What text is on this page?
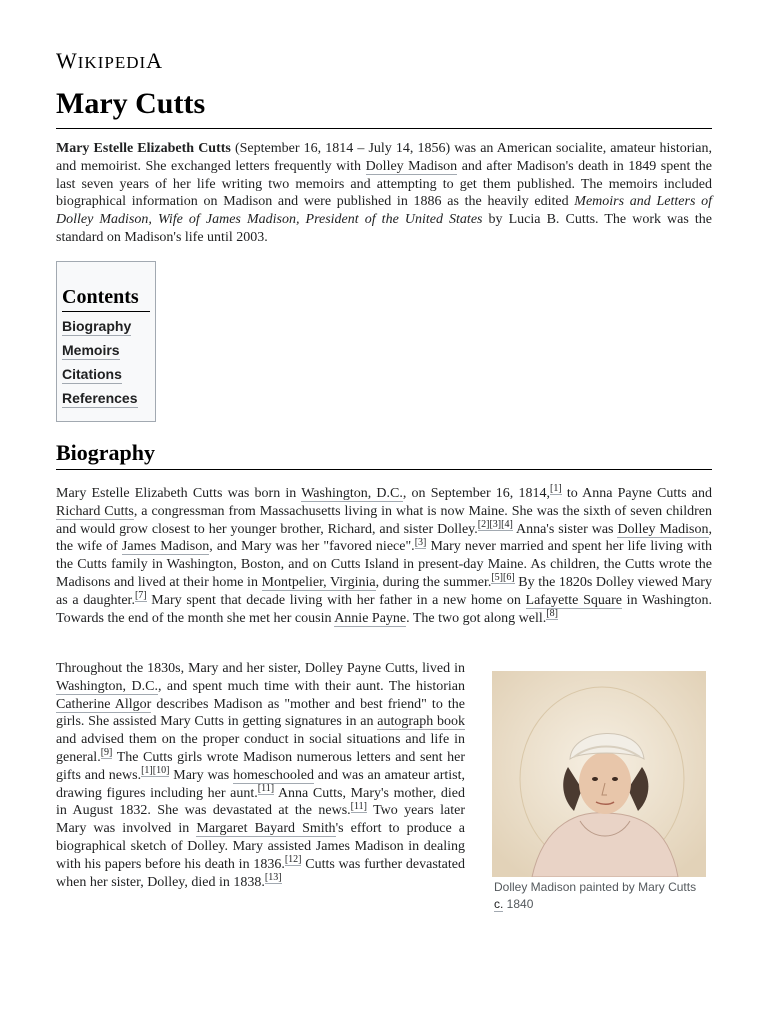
WIKIPEDIA
Mary Cutts

Mary Estelle Elizabeth Cutts (September 16, 1814 – July 14, 1856) was an American socialite, amateur historian, and memoirist. She exchanged letters frequently with Dolley Madison and after Madison's death in 1849 spent the last seven years of her life writing two memoirs and attempting to get them published. The memoirs included biographical information on Madison and were published in 1886 as the heavily edited Memoirs and Letters of Dolley Madison, Wife of James Madison, President of the United States by Lucia B. Cutts. The work was the standard on Madison's life until 2003.

Contents
Biography
Memoirs
Citations
References
Biography

Mary Estelle Elizabeth Cutts was born in Washington, D.C., on September 16, 1814,[1] to Anna Payne Cutts and Richard Cutts, a congressman from Massachusetts living in what is now Maine. She was the sixth of seven children and would grow closest to her younger brother, Richard, and sister Dolley.[2][3][4] Anna's sister was Dolley Madison, the wife of James Madison, and Mary was her "favored niece".[3] Mary never married and spent her life living with the Cutts family in Washington, Boston, and on Cutts Island in present-day Maine. As children, the Cutts wrote the Madisons and lived at their home in Montpelier, Virginia, during the summer.[5][6] By the 1820s Dolley viewed Mary as a daughter.[7] Mary spent that decade living with her father in a new home on Lafayette Square in Washington. Towards the end of the month she met her cousin Annie Payne. The two got along well.[8]

Throughout the 1830s, Mary and her sister, Dolley Payne Cutts, lived in Washington, D.C., and spent much time with their aunt. The historian Catherine Allgor describes Madison as "mother and best friend" to the girls. She assisted Mary Cutts in getting signatures in an autograph book and advised them on the proper conduct in social situations and life in general.[9] The Cutts girls wrote Madison numerous letters and sent her gifts and news.[1][10] Mary was homeschooled and was an amateur artist, drawing figures including her aunt.[11] Anna Cutts, Mary's mother, died in August 1832. She was devastated at the news.[11] Two years later Mary was involved in Margaret Bayard Smith's effort to produce a biographical sketch of Dolley. Mary assisted James Madison in dealing with his papers before his death in 1836.[12] Cutts was further devastated when her sister, Dolley, died in 1838.[13]

Dolley Madison painted by Mary Cutts c. 1840
